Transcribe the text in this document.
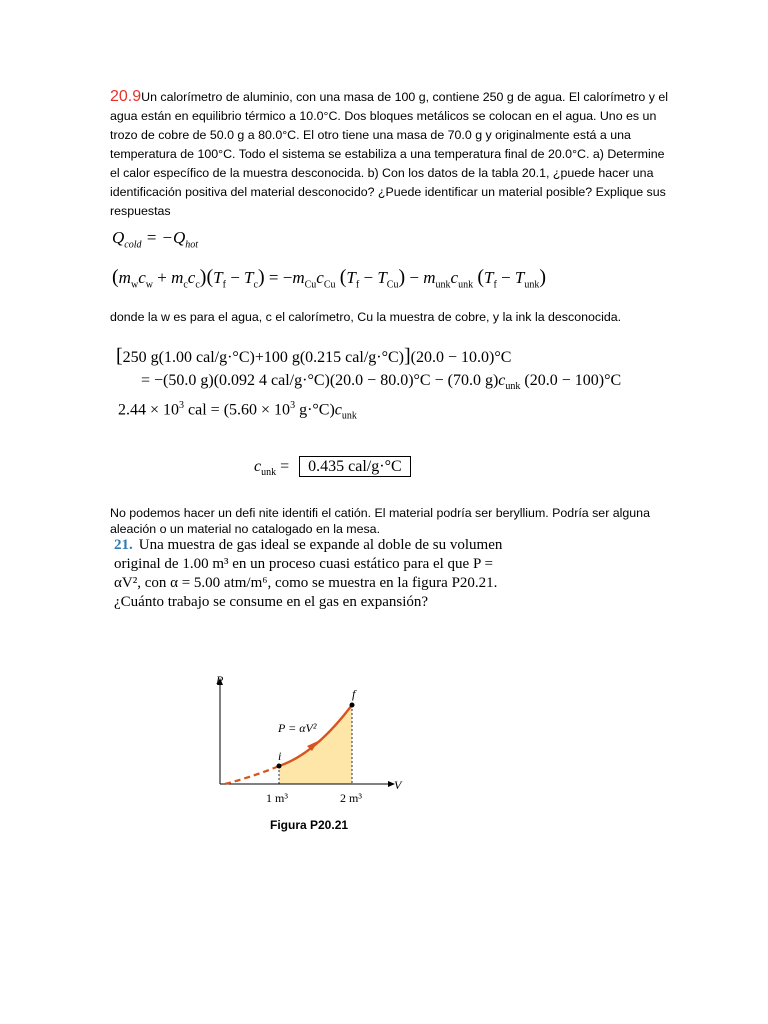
20.9Un calorímetro de aluminio, con una masa de 100 g, contiene 250 g de agua. El calorímetro y el agua están en equilibrio térmico a 10.0°C. Dos bloques metálicos se colocan en el agua. Uno es un trozo de cobre de 50.0 g a 80.0°C. El otro tiene una masa de 70.0 g y originalmente está a una temperatura de 100°C. Todo el sistema se estabiliza a una temperatura final de 20.0°C. a) Determine el calor específico de la muestra desconocida. b) Con los datos de la tabla 20.1, ¿puede hacer una identificación positiva del material desconocido? ¿Puede identificar un material posible? Explique sus respuestas
$Q_{cold} = -Q_{hot}$
$(m_wc_w + m_cc_c)(T_f - T_c) = -m_{Cu}c_{Cu}$ $(T_f - T_{Cu}) - m_{unk}c_{unk}$ $(T_f - T_{unk})$
donde la w es para el agua, c el calorímetro, Cu la muestra de cobre, y la ink la desconocida.
[250 g(1.00 cal/g·°C)+100 g(0.215 cal/g·°C)](20.0 − 10.0)°C
= −(50.0 g)(0.092 4 cal/g·°C)(20.0 − 80.0)°C − (70.0 $g)c_{unk}$ (20.0 − 100)°C
$2.44 \times 10^3$ cal = ($5.60 \times 10^3$ $g\cdot^\circ C)c_{unk}$
$c_{unk} = 0.435$ cal/g·°C
No podemos hacer un defi nite identifi el catión. El material podría ser beryllium. Podría ser alguna aleación o un material no catalogado en la mesa.
21. Una muestra de gas ideal se expande al doble de su volumen original de 1.00 m³ en un proceso cuasi estático para el que P = αV², con α = 5.00 atm/m⁶, como se muestra en la figura P20.21. ¿Cuánto trabajo se consume en el gas en expansión?
P
V
i
f
P = αV²
1 m³	2 m³
Figura P20.21
